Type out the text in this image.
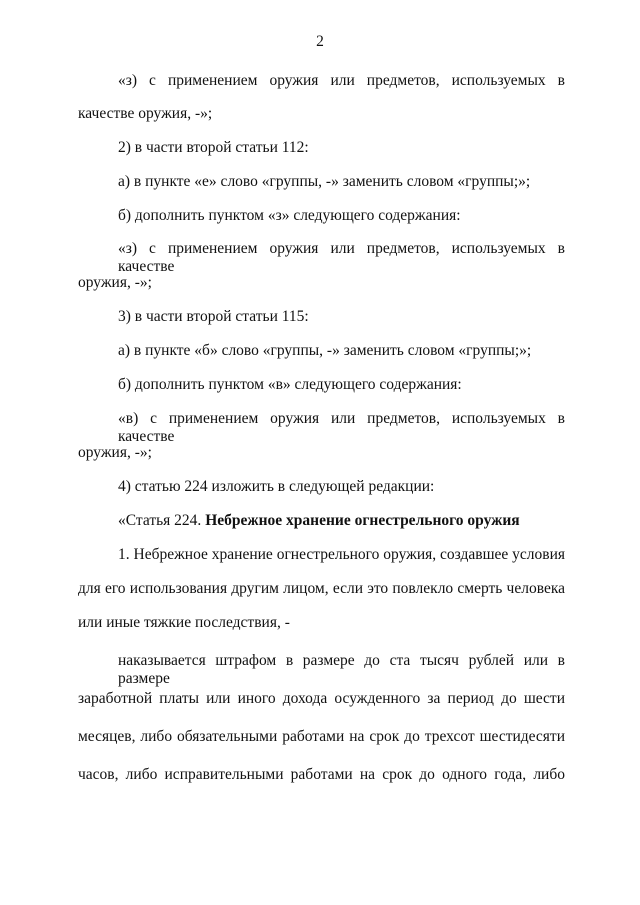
2
«з) с применением оружия или предметов, используемых в
качестве оружия, -»;
2) в части второй статьи 112:
а) в пункте «е» слово «группы, -» заменить словом «группы;»;
б) дополнить пунктом «з» следующего содержания:
«з) с применением оружия или предметов, используемых в качестве
оружия, -»;
3) в части второй статьи 115:
а) в пункте «б» слово «группы, -» заменить словом «группы;»;
б) дополнить пунктом «в» следующего содержания:
«в) с применением оружия или предметов, используемых в качестве
оружия, -»;
4) статью 224 изложить в следующей редакции:
«Статья 224. Небрежное хранение огнестрельного оружия
1. Небрежное хранение огнестрельного оружия, создавшее условия
для его использования другим лицом, если это повлекло смерть человека
или иные тяжкие последствия, -
наказывается штрафом в размере до ста тысяч рублей или в размере
заработной платы или иного дохода осужденного за период до шести
месяцев, либо обязательными работами на срок до трехсот шестидесяти
часов, либо исправительными работами на срок до одного года, либо
